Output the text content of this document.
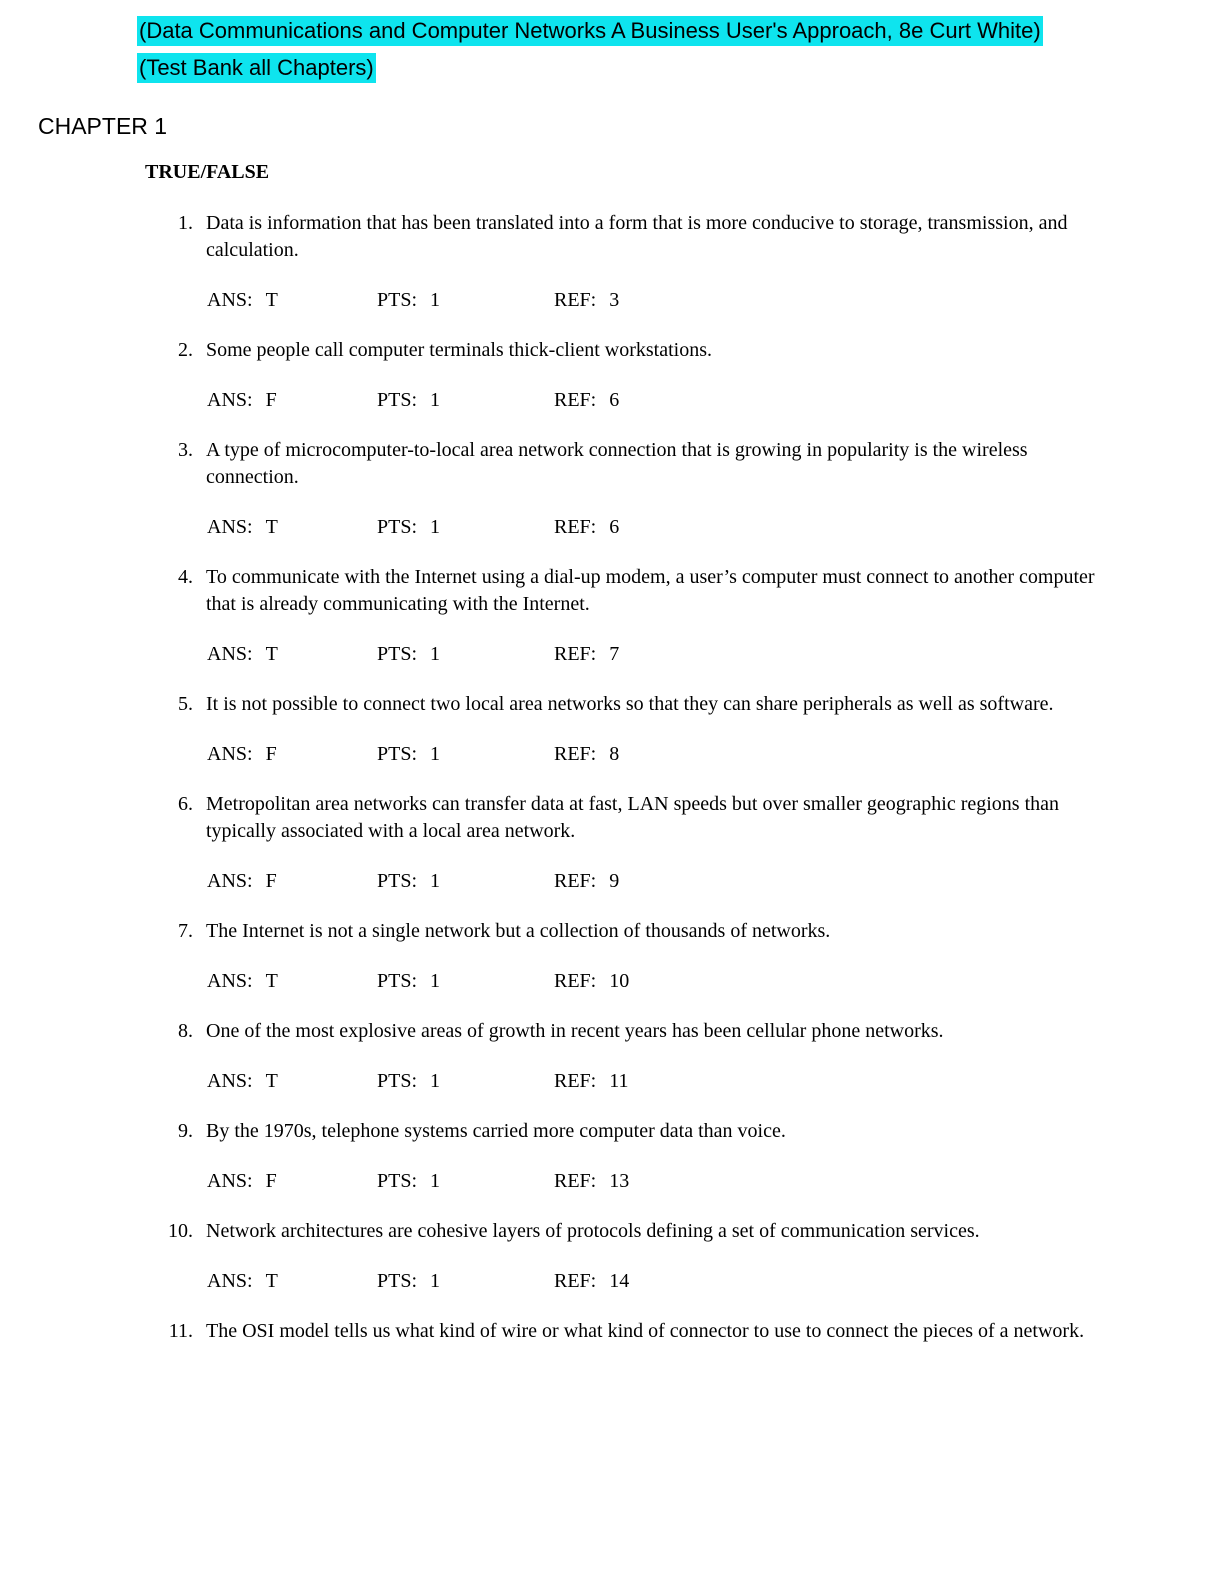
(Data Communications and Computer Networks A Business User's Approach, 8e Curt White)
(Test Bank all Chapters)
CHAPTER 1
TRUE/FALSE
1. Data is information that has been translated into a form that is more conducive to storage, transmission, and calculation.
ANS: T	PTS: 1	REF: 3
2. Some people call computer terminals thick-client workstations.
ANS: F	PTS: 1	REF: 6
3. A type of microcomputer-to-local area network connection that is growing in popularity is the wireless connection.
ANS: T	PTS: 1	REF: 6
4. To communicate with the Internet using a dial-up modem, a user’s computer must connect to another computer that is already communicating with the Internet.
ANS: T	PTS: 1	REF: 7
5. It is not possible to connect two local area networks so that they can share peripherals as well as software.
ANS: F	PTS: 1	REF: 8
6. Metropolitan area networks can transfer data at fast, LAN speeds but over smaller geographic regions than typically associated with a local area network.
ANS: F	PTS: 1	REF: 9
7. The Internet is not a single network but a collection of thousands of networks.
ANS: T	PTS: 1	REF: 10
8. One of the most explosive areas of growth in recent years has been cellular phone networks.
ANS: T	PTS: 1	REF: 11
9. By the 1970s, telephone systems carried more computer data than voice.
ANS: F	PTS: 1	REF: 13
10. Network architectures are cohesive layers of protocols defining a set of communication services.
ANS: T	PTS: 1	REF: 14
11. The OSI model tells us what kind of wire or what kind of connector to use to connect the pieces of a network.
